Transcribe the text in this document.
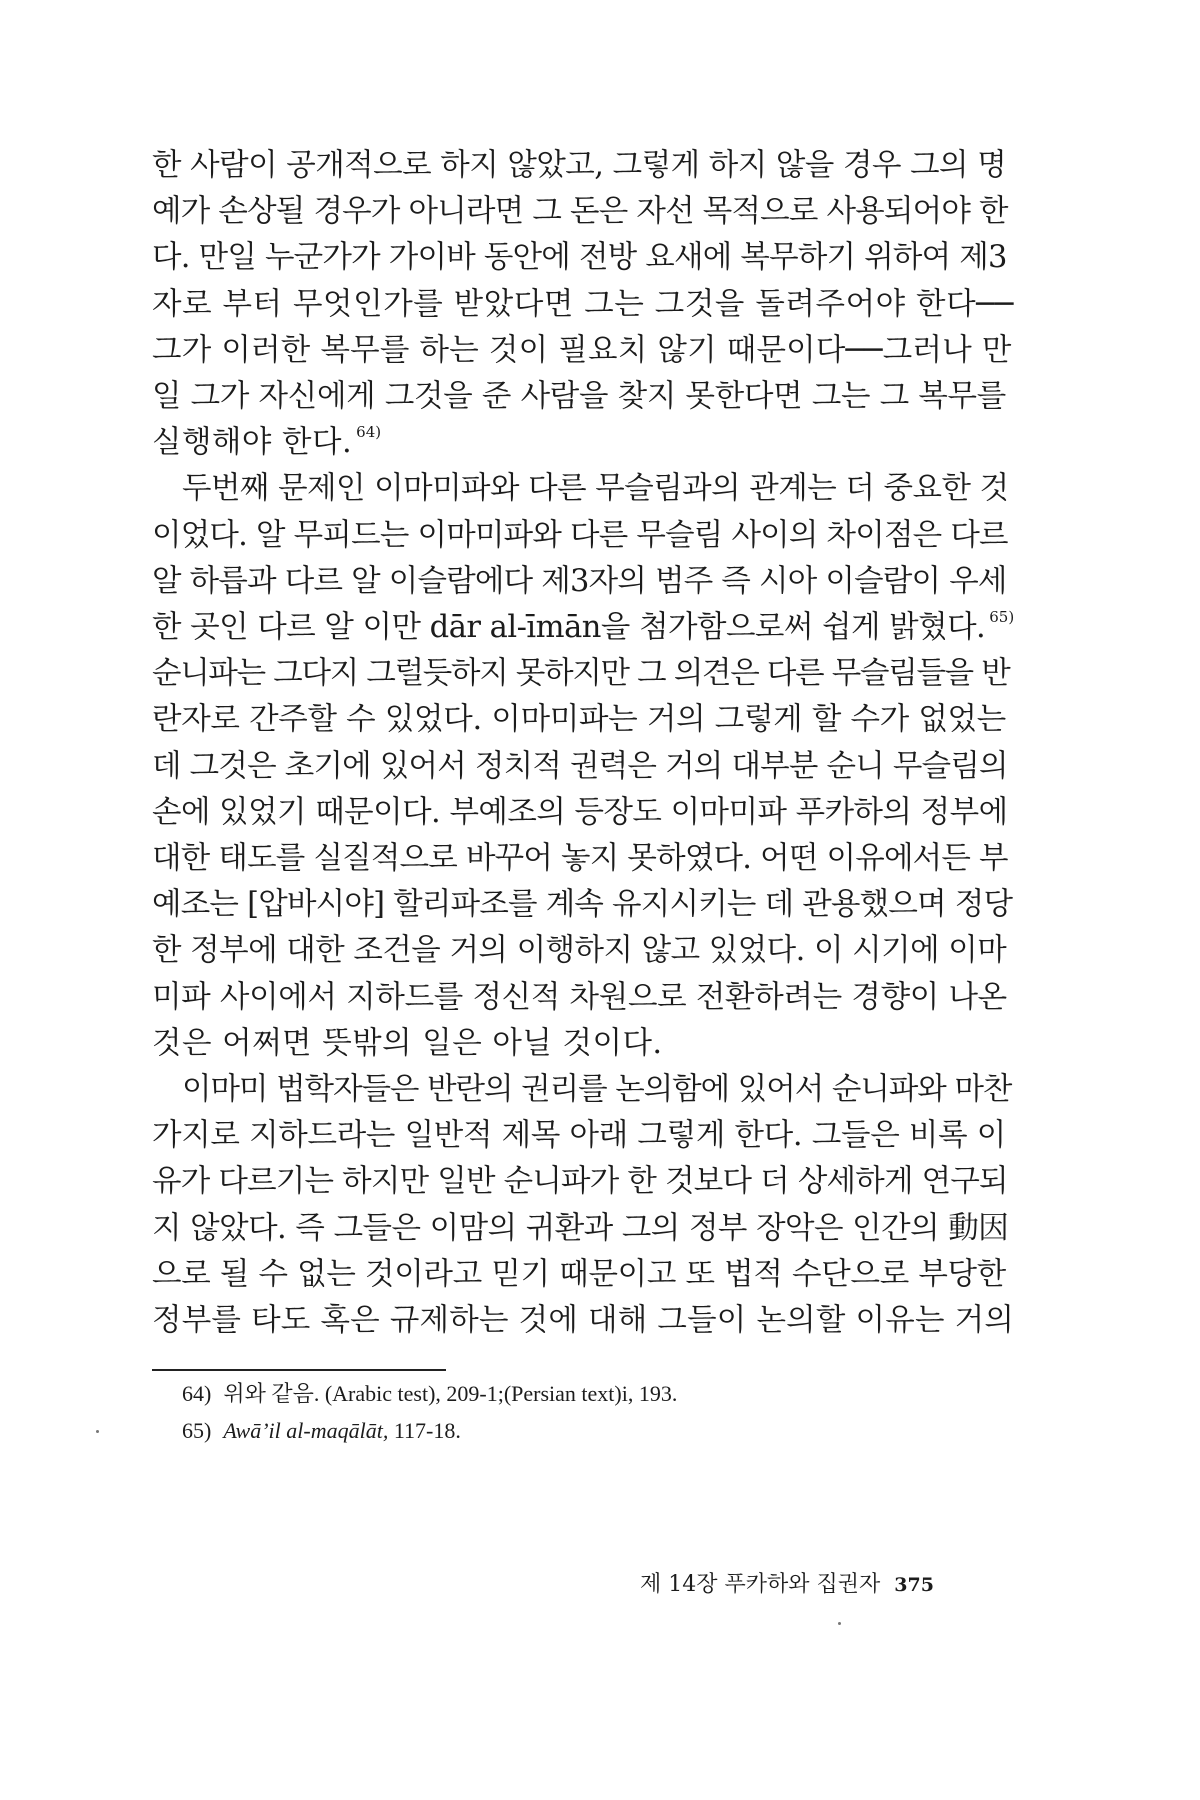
한 사람이 공개적으로 하지 않았고, 그렇게 하지 않을 경우 그의 명
예가 손상될 경우가 아니라면 그 돈은 자선 목적으로 사용되어야 한
다. 만일 누군가가 가이바 동안에 전방 요새에 복무하기 위하여 제3
자로 부터 무엇인가를 받았다면 그는 그것을 돌려주어야 한다──
그가 이러한 복무를 하는 것이 필요치 않기 때문이다──그러나 만
일 그가 자신에게 그것을 준 사람을 찾지 못한다면 그는 그 복무를
실행해야 한다. $^{64)}$
두번째 문제인 이마미파와 다른 무슬림과의 관계는 더 중요한 것
이었다. 알 무피드는 이마미파와 다른 무슬림 사이의 차이점은 다르
알 하릅과 다르 알 이슬람에다 제3자의 범주 즉 시아 이슬람이 우세
한 곳인 다르 알 이만 dār al-īmān을 첨가함으로써 쉽게 밝혔다. $^{65)}$
순니파는 그다지 그럴듯하지 못하지만 그 의견은 다른 무슬림들을 반
란자로 간주할 수 있었다. 이마미파는 거의 그렇게 할 수가 없었는
데 그것은 초기에 있어서 정치적 권력은 거의 대부분 순니 무슬림의
손에 있었기 때문이다. 부예조의 등장도 이마미파 푸카하의 정부에
대한 태도를 실질적으로 바꾸어 놓지 못하였다. 어떤 이유에서든 부
예조는 [압바시야] 할리파조를 계속 유지시키는 데 관용했으며 정당
한 정부에 대한 조건을 거의 이행하지 않고 있었다. 이 시기에 이마
미파 사이에서 지하드를 정신적 차원으로 전환하려는 경향이 나온
것은 어쩌면 뜻밖의 일은 아닐 것이다.
이마미 법학자들은 반란의 권리를 논의함에 있어서 순니파와 마찬
가지로 지하드라는 일반적 제목 아래 그렇게 한다. 그들은 비록 이
유가 다르기는 하지만 일반 순니파가 한 것보다 더 상세하게 연구되
지 않았다. 즉 그들은 이맘의 귀환과 그의 정부 장악은 인간의 動因
으로 될 수 없는 것이라고 믿기 때문이고 또 법적 수단으로 부당한
정부를 타도 혹은 규제하는 것에 대해 그들이 논의할 이유는 거의
64) 위와 같음. (Arabic test), 209-1;(Persian text)i, 193.
65) Awā’il al-maqālāt, 117-18.
제 14장 푸카하와 집권자 375
